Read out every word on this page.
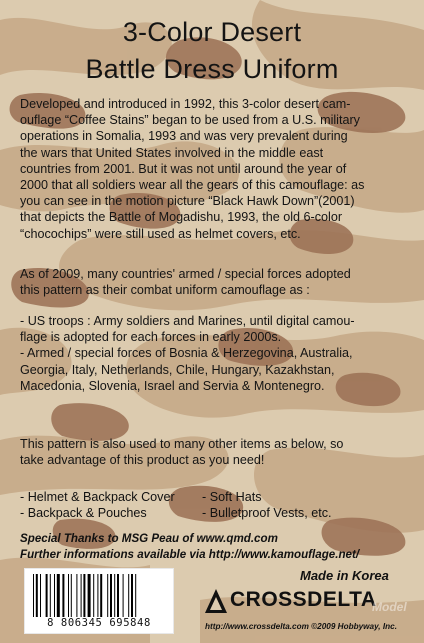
3-Color Desert
Battle Dress Uniform
Developed and introduced in 1992, this 3-color desert cam-
ouflage “Coffee Stains” began to be used from a U.S. military
operations in Somalia, 1993 and was very prevalent during
the wars that United States involved in the middle east
countries from 2001. But it was not until around the year of
2000 that all soldiers wear all the gears of this camouflage: as
you can see in the motion picture “Black Hawk Down”(2001)
that depicts the Battle of Mogadishu, 1993, the old 6-color
“chocochips” were still used as helmet covers, etc.
As of 2009, many countries' armed / special forces adopted
this pattern as their combat uniform camouflage as :
- US troops : Army soldiers and Marines, until digital camou-
flage is adopted for each forces in early 2000s.
- Armed / special forces of Bosnia & Herzegovina, Australia,
Georgia, Italy, Netherlands, Chile, Hungary, Kazakhstan,
Macedonia, Slovenia, Israel and Servia & Montenegro.
This pattern is also used to many other items as below, so
take advantage of this product as you need!
- Helmet & Backpack Cover - Soft Hats
- Backpack & Pouches	- Bulletproof Vests, etc.
Special Thanks to MSG Peau of www.qmd.com
Further informations available via http://www.kamouflage.net/
8 806345 695848
Made in Korea
CROSSDELTA
http://www.crossdelta.com ©2009 Hobbyway, Inc.
Model
